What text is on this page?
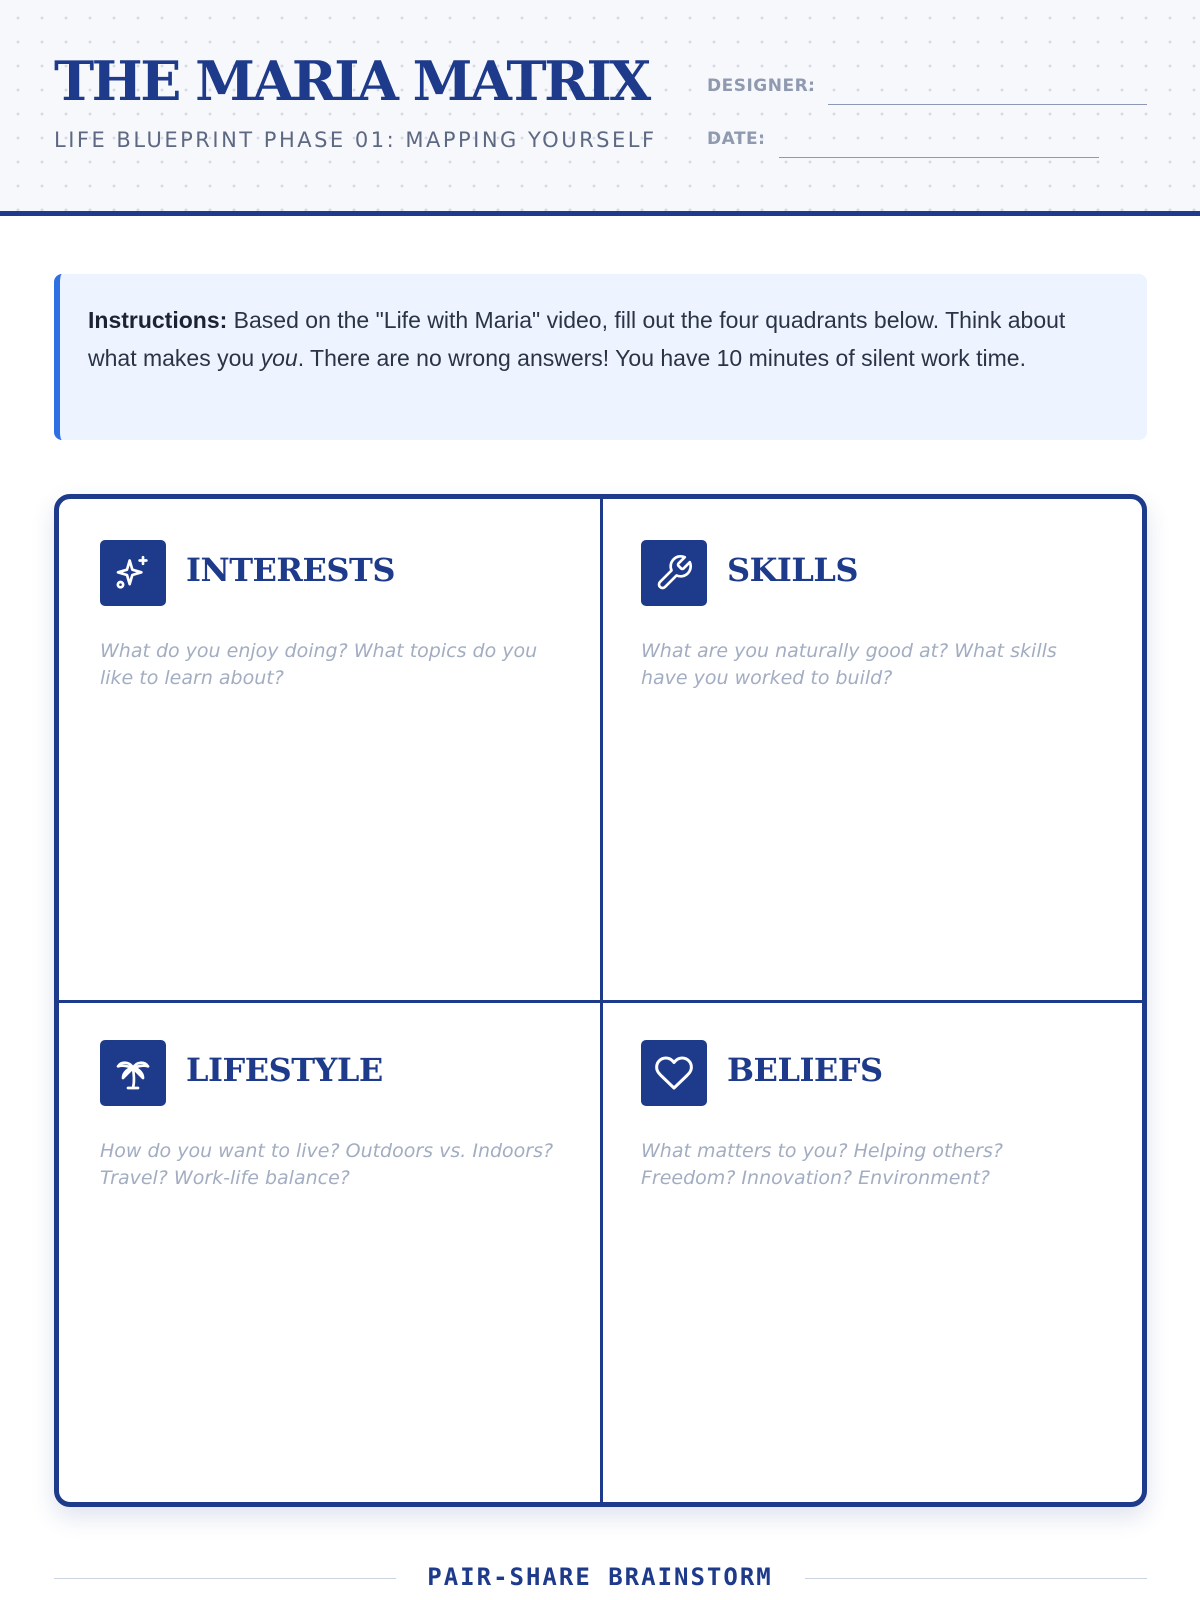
THE MARIA MATRIX
LIFE BLUEPRINT PHASE 01: MAPPING YOURSELF
DESIGNER:
DATE:
Instructions: Based on the "Life with Maria" video, fill out the four quadrants below. Think about what makes you you. There are no wrong answers! You have 10 minutes of silent work time.
INTERESTS

What do you enjoy doing? What topics do you like to learn about?

SKILLS

What are you naturally good at? What skills have you worked to build?

LIFESTYLE

How do you want to live? Outdoors vs. Indoors? Travel? Work-life balance?

BELIEFS

What matters to you? Helping others? Freedom? Innovation? Environment?

PAIR-SHARE BRAINSTORM
